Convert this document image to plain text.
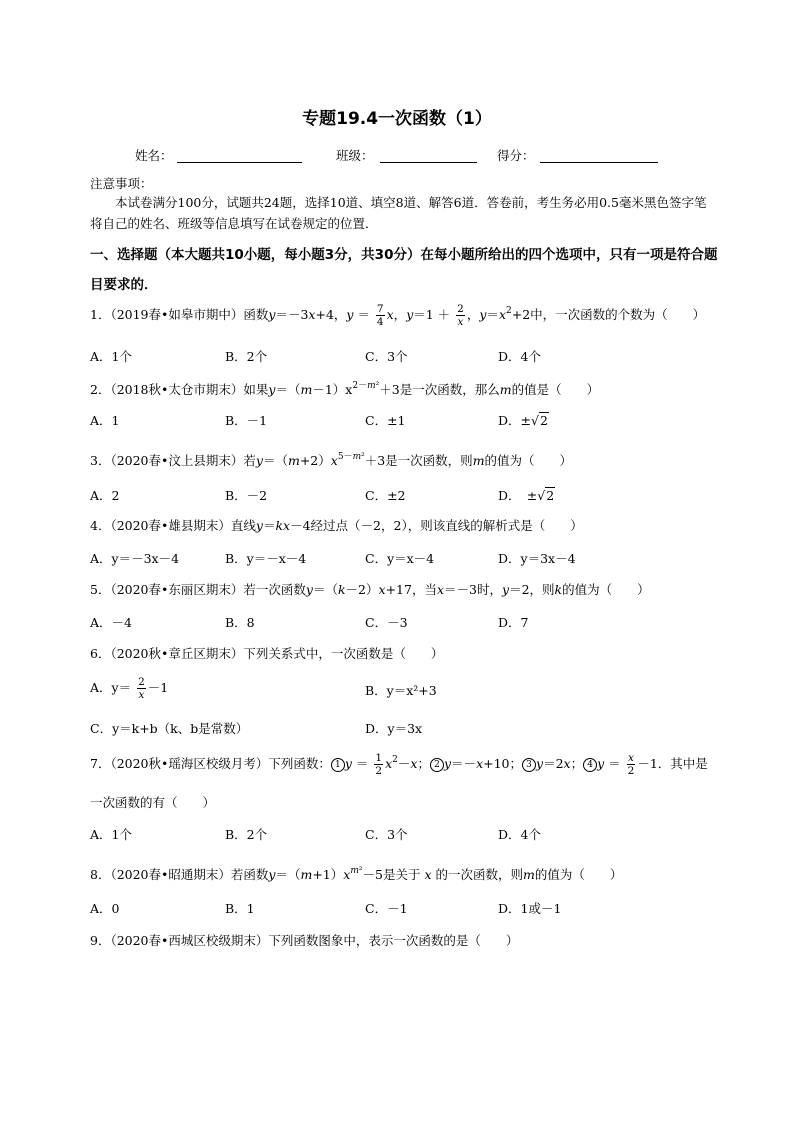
专题19.4一次函数（1）
姓名：	班级：	得分：
注意事项：
本试卷满分100分，试题共24题，选择10道、填空8道、解答6道．答卷前，考生务必用0.5毫米黑色签字笔将自己的姓名、班级等信息填写在试卷规定的位置．
一、选择题（本大题共10小题，每小题3分，共30分）在每小题所给出的四个选项中，只有一项是符合题目要求的．
1．（2019春•如皋市期中）函数y＝－3x+4，$y = \frac{7}{4}$ x，$y=1 + \frac{2}{x}$ ，$y=x^2+2$中，一次函数的个数为（　　）
A．1个	B．2个	C．3个	D．4个
2．（2018秋•太仓市期末）如果$y=(m-1)x^{2-m^2}+3$是一次函数，那么m的值是（　　）
A．1	B．－1	C．±1	D．±√2
3．（2020春•汶上县期末）若$y=(m+2)x^{5-m^2}+3$是一次函数，则m的值为（　　）
A．2	B．－2	C．±2	D．　±√2
4．（2020春•雄县期末）直线y＝kx－4经过点（－2，2），则该直线的解析式是（　　）
A．y＝－3x－4	B．y＝－x－4	C．y＝x－4	D．y＝3x－4
5．（2020春•东丽区期末）若一次函数y＝（k－2）x+17，当x＝－3时，y＝2，则k的值为（　　）
A．－4	B．8	C．－3	D．7
6．（2020秋•章丘区期末）下列关系式中，一次函数是（　　）
A．$y= \frac{2}{x} -1$	B．y＝x²+3
C．y＝k+b（k、b是常数）	D．y＝3x
7．（2020秋•瑶海区校级月考）下列函数： 1 $y = \frac{1}{2} x^2-x$； 2 y＝－x+10； 3 y＝2x； 4 $y = \frac{x}{2} -1$．其中是
一次函数的有（　　）
A．1个	B．2个	C．3个	D．4个
8．（2020春•昭通期末）若函数$y=(m+1)x^{m^2}-5$是关于 x 的一次函数，则m的值为（　　）
A．0	B．1	C．－1	D．1或－1
9．（2020春•西城区校级期末）下列函数图象中，表示一次函数的是（　　）
